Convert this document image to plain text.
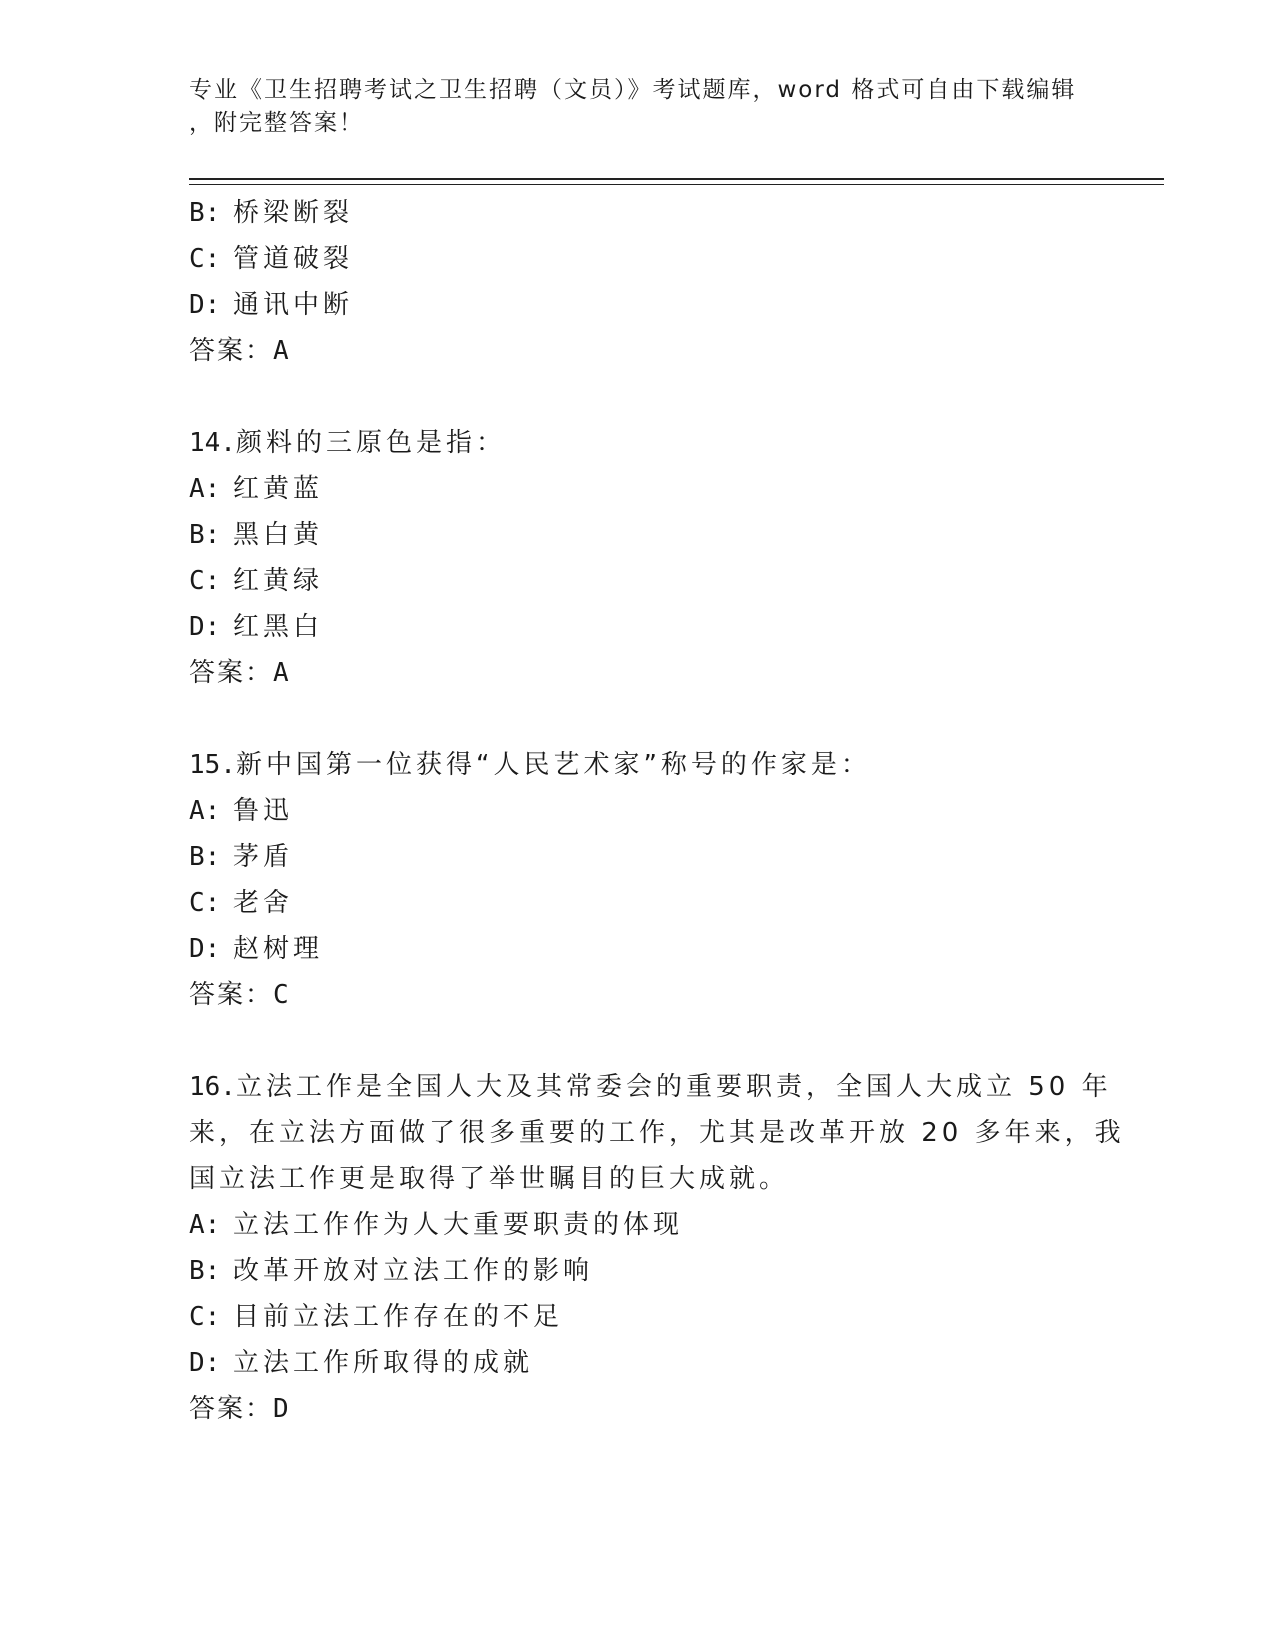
专业《卫生招聘考试之卫生招聘（文员）》考试题库，word 格式可自由下载编辑
，附完整答案！
B: 桥梁断裂
C: 管道破裂
D: 通讯中断
答案：A
14.颜料的三原色是指：
A: 红黄蓝
B: 黑白黄
C: 红黄绿
D: 红黑白
答案：A
15.新中国第一位获得“人民艺术家”称号的作家是：
A: 鲁迅
B: 茅盾
C: 老舍
D: 赵树理
答案：C
16.立法工作是全国人大及其常委会的重要职责，全国人大成立 50 年
来，在立法方面做了很多重要的工作，尤其是改革开放 20 多年来，我
国立法工作更是取得了举世瞩目的巨大成就。
A: 立法工作作为人大重要职责的体现
B: 改革开放对立法工作的影响
C: 目前立法工作存在的不足
D: 立法工作所取得的成就
答案：D
